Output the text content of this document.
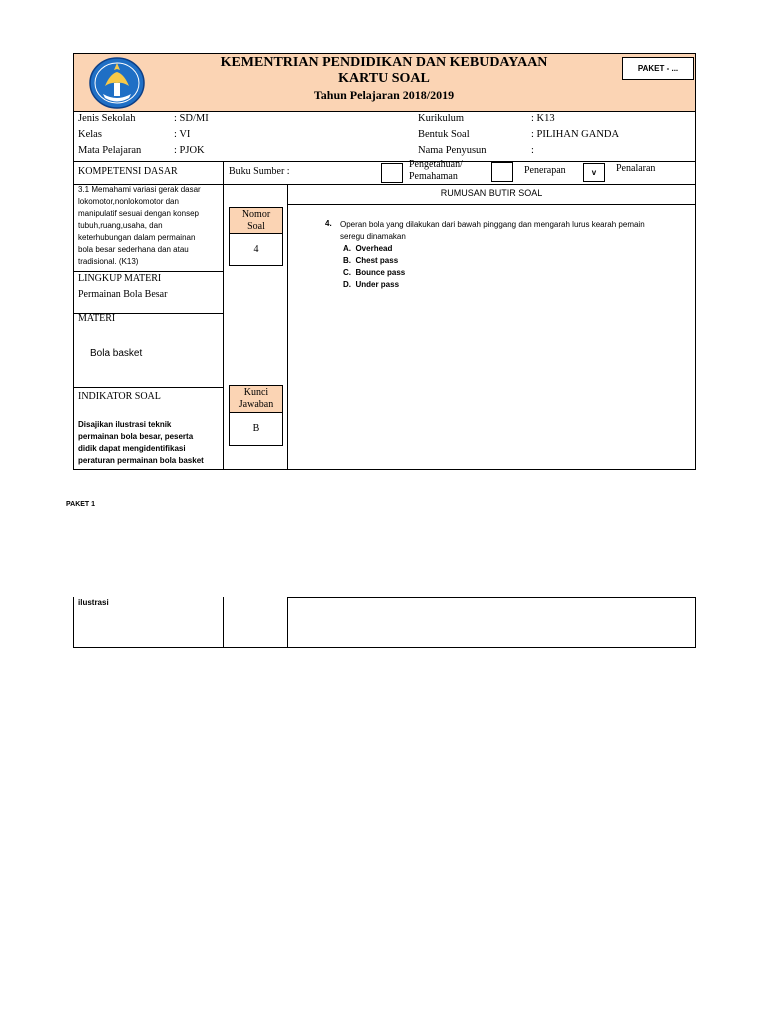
KEMENTRIAN PENDIDIKAN DAN KEBUDAYAAN
KARTU SOAL
Tahun Pelajaran 2018/2019
PAKET - ...
Jenis Sekolah	: SD/MI
Kelas	: VI
Mata Pelajaran	: PJOK
Kurikulum	: K13
Bentuk Soal	: PILIHAN GANDA
Nama Penyusun	:
KOMPETENSI DASAR
3.1 Memahami variasi gerak dasar
lokomotor,nonlokomotor dan
manipulatif sesuai dengan konsep
tubuh,ruang,usaha, dan
keterhubungan dalam permainan
bola besar sederhana dan atau
tradisional. (K13)
LINGKUP MATERI
Permainan Bola Besar
MATERI
Bola basket
INDIKATOR SOAL
Disajikan ilustrasi teknik
permainan bola besar, peserta
didik dapat mengidentifikasi
peraturan permainan bola basket
Buku Sumber :
Pengetahuan/
Pemahaman
Penerapan	v	Penalaran
Nomor
Soal
4
Kunci
Jawaban
B
RUMUSAN BUTIR SOAL
4. Operan bola yang dilakukan dari bawah pinggang dan mengarah lurus kearah pemain
seregu dinamakan
A. Overhead
B. Chest pass
C. Bounce pass
D. Under pass
PAKET 1
ilustrasi
